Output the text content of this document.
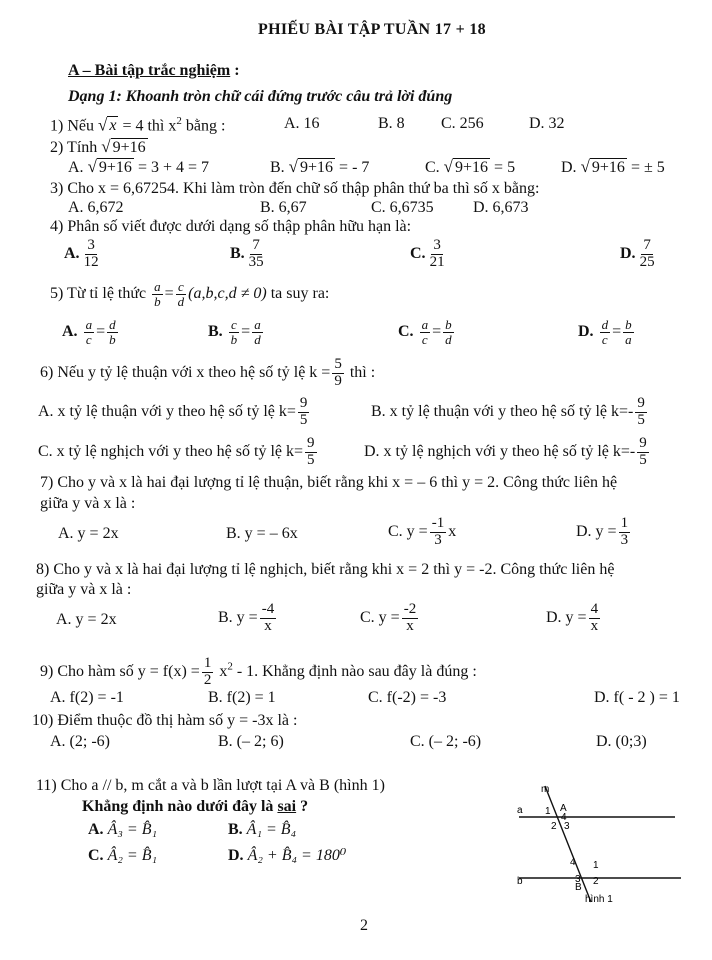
PHIẾU BÀI TẬP TUẦN 17 + 18
A – Bài tập trắc nghiệm :
Dạng 1: Khoanh tròn chữ cái đứng trước câu trả lời đúng
1) Nếu √ x = 4 thì $x^2$ bằng :	A. 16	B. 8 C. 256	D. 32
2) Tính √ 9+16
A. √ 9+16 = 3 + 4 = 7	B. √ 9+16 = - 7	C. √ 9+16 = 5	D. √ 9+16 = ± 5
3) Cho x = 6,67254. Khi làm tròn đến chữ số thập phân thứ ba thì số x bằng:
A. 6,672	B. 6,67	C. 6,6735 D. 6,673
4) Phân số viết được dưới dạng số thập phân hữu hạn là:
A. $\frac{3}{12}$	B. $\frac{7}{35}$	C. $\frac{3}{21}$	D. $\frac{7}{25}$
5) Từ tỉ lệ thức $\frac{a}{b} = \frac{c}{d} (a,b,c,d \ne 0)$ ta suy ra:
A. $\frac{a}{c} = \frac{d}{b}$	B. $\frac{c}{b} = \frac{a}{d}$	C. $\frac{a}{c} = \frac{b}{d}$	D. $\frac{d}{c} = \frac{b}{a}$
6) Nếu y tỷ lệ thuận với x theo hệ số tỷ lệ $k = \frac{5}{9}$ thì :
A. x tỷ lệ thuận với y theo hệ số tỷ lệ $k= \frac{9}{5}$	B. x tỷ lệ thuận với y theo hệ số tỷ lệ $k=- \frac{9}{5}$
C. x tỷ lệ nghịch với y theo hệ số tỷ lệ $k= \frac{9}{5}$	D. x tỷ lệ nghịch với y theo hệ số tỷ lệ $k=- \frac{9}{5}$
7) Cho y và x là hai đại lượng tỉ lệ thuận, biết rằng khi x = – 6 thì y = 2. Công thức liên hệ
giữa y và x là :
A. y = 2x	B. y = – 6x	C. $y = \frac{-1}{3}$ x	D. $y = \frac{1}{3}$
8) Cho y và x là hai đại lượng tỉ lệ nghịch, biết rằng khi x = 2 thì y = -2. Công thức liên hệ
giữa y và x là :
A. y = 2x	B. $y = \frac{-4}{x}$	C. $y = \frac{-2}{x}$	D. $y = \frac{4}{x}$
9) Cho hàm số $y = f(x) = \frac{1}{2} x^2 - 1$. Khẳng định nào sau đây là đúng :
A. f(2) = -1	B. f(2) = 1	C. f(-2) = -3	D. f( - 2 ) = 1
10) Điểm thuộc đồ thị hàm số y = -3x là :
A. (2; -6)	B. (– 2; 6)	C. (– 2; -6)	D. (0;3)
11) Cho a // b, m cắt a và b lần lượt tại A và B (hình 1)
Khẳng định nào dưới đây là sai ?
A. Â₃ = B̂₁	B. Â₁ = B̂₄
C. Â₂ = B̂₁	D. Â₂ + B̂₄ = 180⁰
m
A
a 1
4
2 3
4 1
b	3
B
2
hình 1
2
